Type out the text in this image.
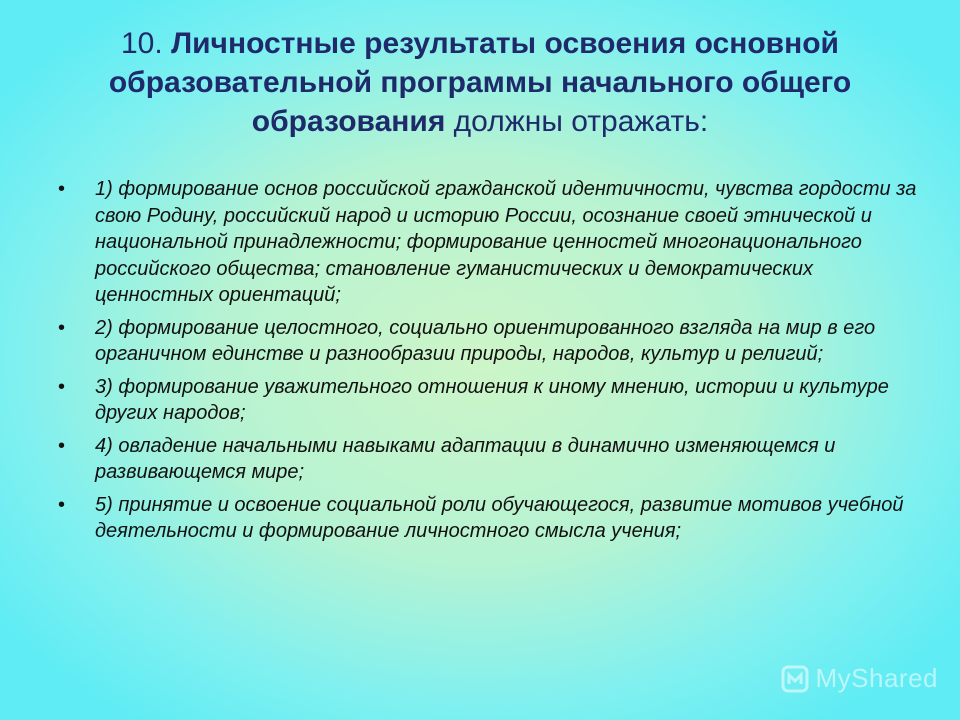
10. Личностные результаты освоения основной образовательной программы начального общего образования должны отражать:
• 1) формирование основ российской гражданской идентичности, чувства гордости за свою Родину, российский народ и историю России, осознание своей этнической и национальной принадлежности; формирование ценностей многонационального российского общества; становление гуманистических и демократических ценностных ориентаций;
• 2) формирование целостного, социально ориентированного взгляда на мир в его органичном единстве и разнообразии природы, народов, культур и религий;
• 3) формирование уважительного отношения к иному мнению, истории и культуре других народов;
• 4) овладение начальными навыками адаптации в динамично изменяющемся и развивающемся мире;
• 5) принятие и освоение социальной роли обучающегося, развитие мотивов учебной деятельности и формирование личностного смысла учения;
MyShared
